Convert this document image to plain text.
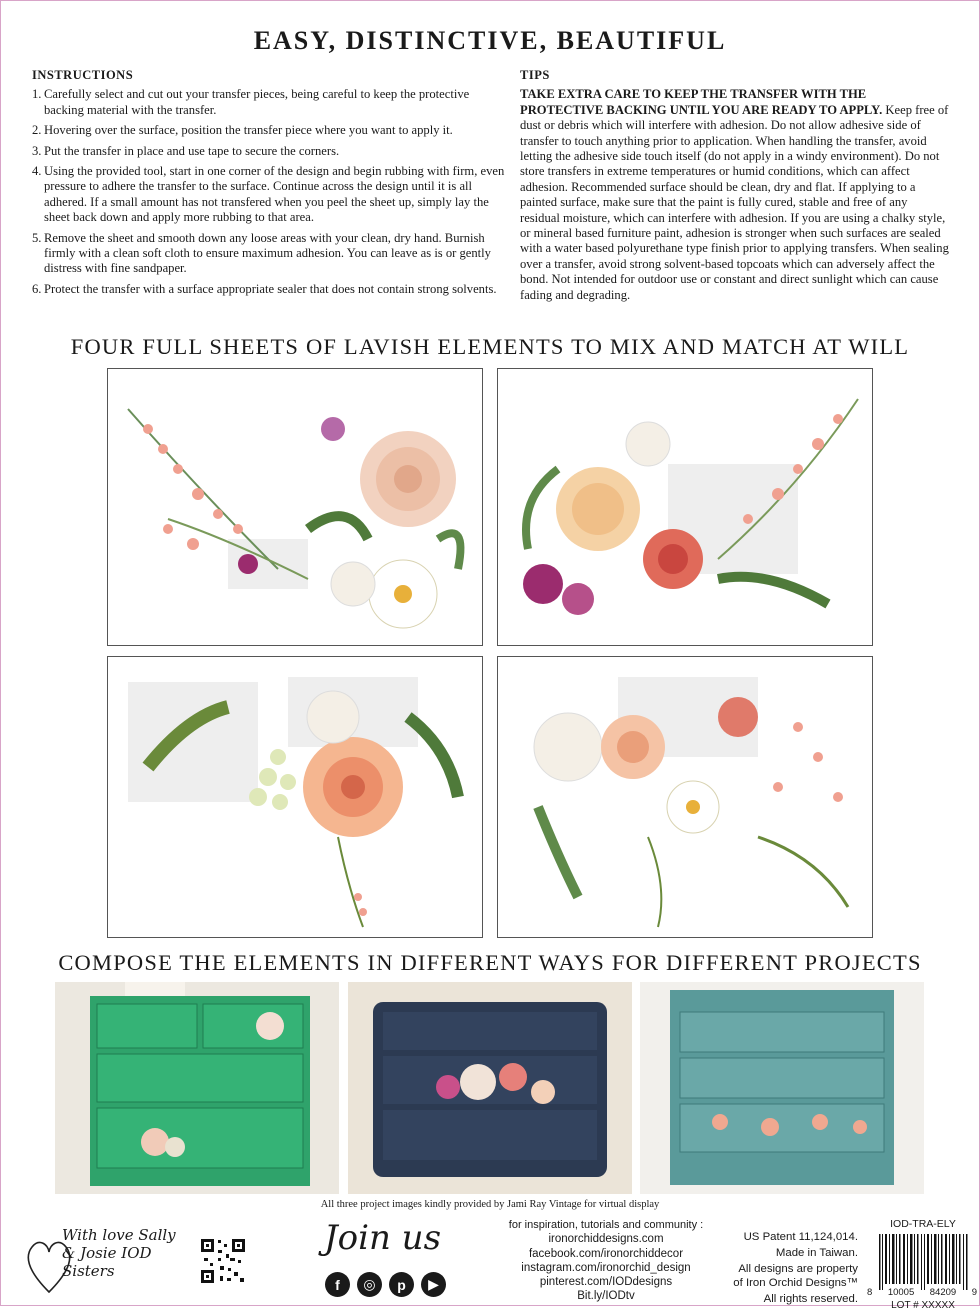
EASY, DISTINCTIVE, BEAUTIFUL
INSTRUCTIONS
1. Carefully select and cut out your transfer pieces, being careful to keep the protective backing material with the transfer.
2. Hovering over the surface, position the transfer piece where you want to apply it.
3. Put the transfer in place and use tape to secure the corners.
4. Using the provided tool, start in one corner of the design and begin rubbing with firm, even pressure to adhere the transfer to the surface. Continue across the design until it is all adhered. If a small amount has not transfered when you peel the sheet up, simply lay the sheet back down and apply more rubbing to that area.
5. Remove the sheet and smooth down any loose areas with your clean, dry hand. Burnish firmly with a clean soft cloth to ensure maximum adhesion. You can leave as is or gently distress with fine sandpaper.
6. Protect the transfer with a surface appropriate sealer that does not contain strong solvents.
TIPS

TAKE EXTRA CARE TO KEEP THE TRANSFER WITH THE PROTECTIVE BACKING UNTIL YOU ARE READY TO APPLY. Keep free of dust or debris which will interfere with adhesion. Do not allow adhesive side of transfer to touch anything prior to application. When handling the transfer, avoid letting the adhesive side touch itself (do not apply in a windy environment). Do not store transfers in extreme temperatures or humid conditions, which can affect adhesion. Recommended surface should be clean, dry and flat. If applying to a painted surface, make sure that the paint is fully cured, stable and free of any residual moisture, which can interfere with adhesion. If you are using a chalky style, or mineral based furniture paint, adhesion is stronger when such surfaces are sealed with a water based polyurethane type finish prior to applying transfers. When sealing over a transfer, avoid strong solvent-based topcoats which can adversely affect the bond. Not intended for outdoor use or constant and direct sunlight which can cause fading and degrading.

FOUR FULL SHEETS OF LAVISH ELEMENTS TO MIX AND MATCH AT WILL
COMPOSE THE ELEMENTS IN DIFFERENT WAYS FOR DIFFERENT PROJECTS
All three project images kindly provided by Jami Ray Vintage for virtual display
With love Sally & Josie IOD Sisters
Join us
f	◎	p	▶
for inspiration, tutorials and community :
ironorchiddesigns.com
facebook.com/ironorchiddecor
instagram.com/ironorchid_design
pinterest.com/IODdesigns
Bit.ly/IODtv
US Patent 11,124,014.
Made in Taiwan.
All designs are property of Iron Orchid Designs™
All rights reserved.
IOD-TRA-ELY
8 10005 84209 9
LOT # XXXXX
